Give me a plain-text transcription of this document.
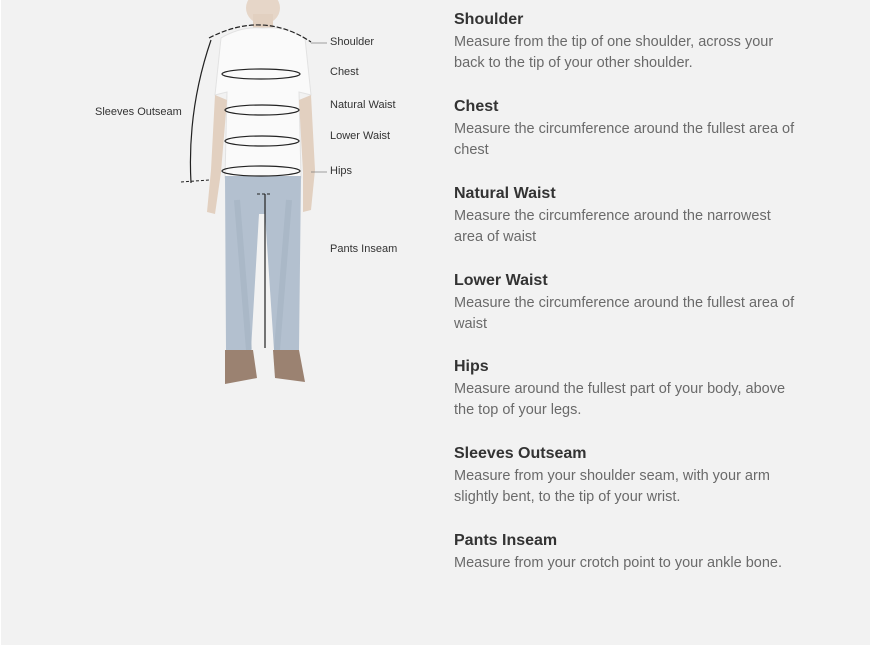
Shoulder
Chest
Natural Waist
Lower Waist
Hips
Sleeves Outseam
Pants Inseam
Shoulder
Measure from the tip of one shoulder, across your back to the tip of your other shoulder.
Chest
Measure the circumference around the fullest area of chest
Natural Waist
Measure the circumference around the narrowest area of waist
Lower Waist
Measure the circumference around the fullest area of waist
Hips
Measure around the fullest part of your body, above the top of your legs.
Sleeves Outseam
Measure from your shoulder seam, with your arm slightly bent, to the tip of your wrist.
Pants Inseam
Measure from your crotch point to your ankle bone.
